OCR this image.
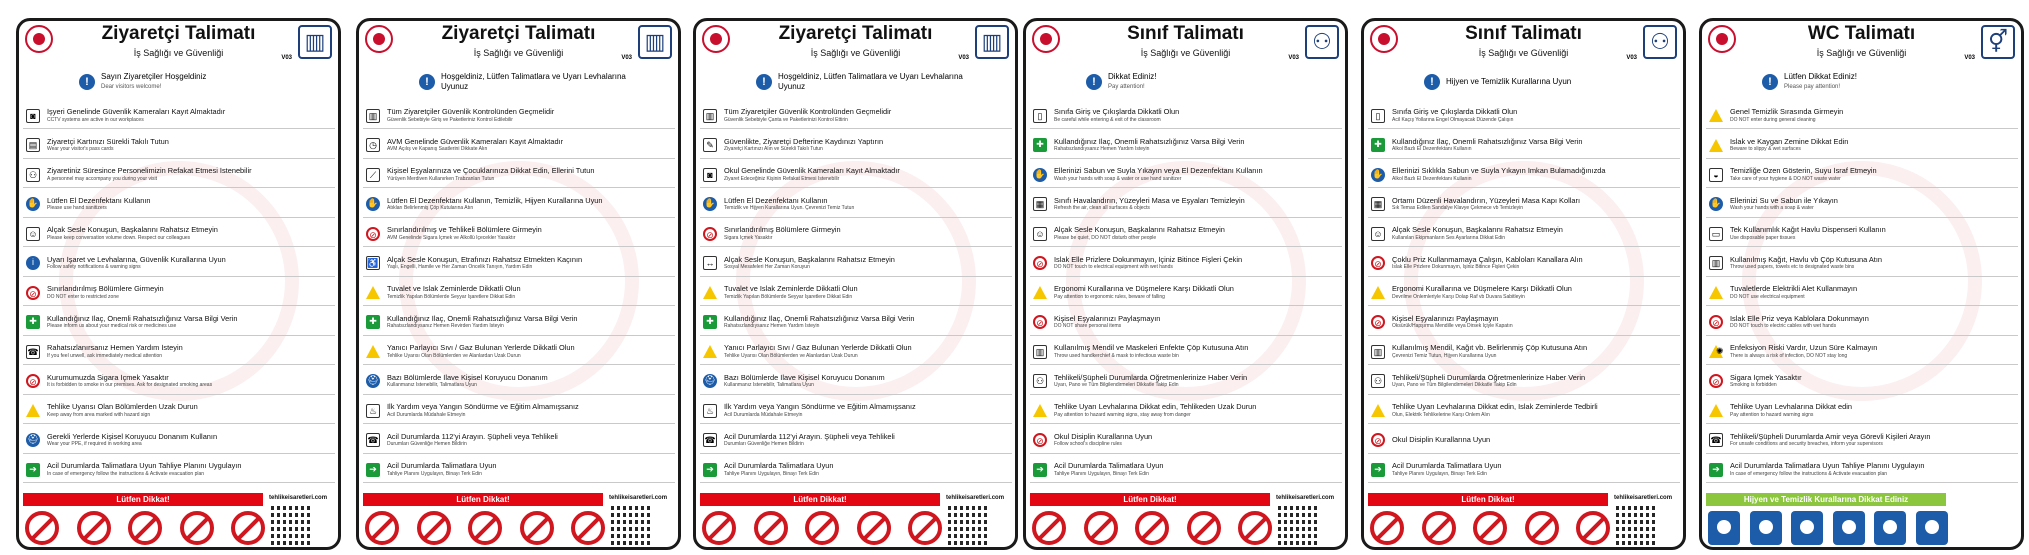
Ziyaretçi Talimatı
İş Sağlığı ve Güvenliği	V03
▥
!	Sayın Ziyaretçiler Hoşgeldiniz
Dear visitors welcome!
◙	İşyeri Genelinde Güvenlik Kameraları Kayıt Almaktadır
CCTV systems are active in our workplaces
▤	Ziyaretçi Kartınızı Sürekli Takılı Tutun
Wear your visitor's pass cards
⚇	Ziyaretiniz Süresince Personelimizin Refakat Etmesi İstenebilir
A personnel may accompany you during your visit
✋ Lütfen El Dezenfektanı Kullanın
Please use hand sanitizers
☺	Alçak Sesle Konuşun, Başkalarını Rahatsız Etmeyin
Please keep conversation volume down. Respect our colleagues
i	Uyarı İşaret ve Levhalarına, Güvenlik Kurallarına Uyun
Follow safety notifications & warning signs
⊘	Sınırlandırılmış Bölümlere Girmeyin
DO NOT enter to restricted zone
✚	Kullandığınız İlaç, Önemli Rahatsızlığınız Varsa Bilgi Verin
Please inform us about your medical risk or medicines use
☎ Rahatsızlanırsanız Hemen Yardım İsteyin
If you feel unwell, ask immediately medical attention
⊘	Kurumumuzda Sigara İçmek Yasaktır
It is forbidden to smoke in our premises. Ask for designated smoking areas
Tehlike Uyarısı Olan Bölümlerden Uzak Durun
Keep away from area marked with hazard sign
⛑ Gerekli Yerlerde Kişisel Koruyucu Donanım Kullanın
Wear your PPE, if required in working area
➔	Acil Durumlarda Talimatlara Uyun Tahliye Planını Uygulayın
In case of emergency follow the instructions & Activate evacuation plan
Lütfen Dikkat!	tehlikeisaretleri.com
Ziyaretçi Talimatı
İş Sağlığı ve Güvenliği	V03
▥
!	Hoşgeldiniz, Lütfen Talimatlara ve Uyarı Levhalarına Uyunuz
▥	Tüm Ziyaretçiler Güvenlik Kontrolünden Geçmelidir
Güvenlik Sebebiyle Giriş ve Paketleriniz Kontrol Edilebilir
◷	AVM Genelinde Güvenlik Kameraları Kayıt Almaktadır
AVM Açılış ve Kapanış Saatlerini Dikkate Alın
⟋	Kişisel Eşyalarınıza ve Çocuklarınıza Dikkat Edin, Ellerini Tutun
Yürüyen Merdiven Kullanırken Trabzanları Tutun
✋ Lütfen El Dezenfektanı Kullanın, Temizlik, Hijyen Kurallarına Uyun
Atıkları Belirlenmiş Çöp Kutularına Atın
⊘	Sınırlandırılmış ve Tehlikeli Bölümlere Girmeyin
AVM Genelinde Sigara İçmek ve Alkollü İçecekler Yasaktır
♿ Alçak Sesle Konuşun, Etrafınızı Rahatsız Etmekten Kaçının
Yaşlı, Engelli, Hamile ve Her Zaman Öncelik Tanıyın, Yardım Edin
Tuvalet ve Islak Zeminlerde Dikkatli Olun
Temizlik Yapılan Bölümlerde Seyyar İşaretlere Dikkat Edin
✚	Kullandığınız İlaç, Önemli Rahatsızlığınız Varsa Bilgi Verin
Rahatsızlandıysanız Hemen Revirden Yardım İsteyin
Yanıcı Parlayıcı Sıvı / Gaz Bulunan Yerlerde Dikkatli Olun
Tehlike Uyarısı Olan Bölümlerden ve Alanlardan Uzak Durun
⛑ Bazı Bölümlerde İlave Kişisel Koruyucu Donanım
Kullanmanız İstenebilir, Talimatlara Uyun
♨	İlk Yardım veya Yangın Söndürme ve Eğitim Almamışsanız
Acil Durumlarda Müdahale Etmeyin
☎ Acil Durumlarda 112'yi Arayın. Şüpheli veya Tehlikeli
Durumları Güvenliğe Hemen Bildirin
➔	Acil Durumlarda Talimatlara Uyun
Tahliye Planını Uygulayın, Binayı Terk Edin
Lütfen Dikkat!	tehlikeisaretleri.com
Ziyaretçi Talimatı
İş Sağlığı ve Güvenliği	V03
▥
!	Hoşgeldiniz, Lütfen Talimatlara ve Uyarı Levhalarına Uyunuz
▥	Tüm Ziyaretçiler Güvenlik Kontrolünden Geçmelidir
Güvenlik Sebebiyle Çanta ve Paketlerinizi Kontrol Ettirin
✎	Güvenlikte, Ziyaretçi Defterine Kaydınızı Yaptırın
Ziyaretçi Kartınızı Alın ve Sürekli Takılı Tutun
◙	Okul Genelinde Güvenlik Kameraları Kayıt Almaktadır
Ziyaret Edeceğiniz Kişinin Refakat Etmesi İstenebilir
✋ Lütfen El Dezenfektanı Kullanın
Temizlik ve Hijyen Kurallarına Uyun. Çevrenizi Temiz Tutun
⊘	Sınırlandırılmış Bölümlere Girmeyin
Sigara İçmek Yasaktır
↔	Alçak Sesle Konuşun, Başkalarını Rahatsız Etmeyin
Sosyal Mesafeleri Her Zaman Koruyun
Tuvalet ve Islak Zeminlerde Dikkatli Olun
Temizlik Yapılan Bölümlerde Seyyar İşaretlere Dikkat Edin
✚	Kullandığınız İlaç, Önemli Rahatsızlığınız Varsa Bilgi Verin
Rahatsızlandıysanız Hemen Yardım İsteyin
Yanıcı Parlayıcı Sıvı / Gaz Bulunan Yerlerde Dikkatli Olun
Tehlike Uyarısı Olan Bölümlerden ve Alanlardan Uzak Durun
⛑ Bazı Bölümlerde İlave Kişisel Koruyucu Donanım
Kullanmanız İstenebilir, Talimatlara Uyun
♨	İlk Yardım veya Yangın Söndürme ve Eğitim Almamışsanız
Acil Durumlarda Müdahale Etmeyin
☎ Acil Durumlarda 112'yi Arayın. Şüpheli veya Tehlikeli
Durumları Güvenliğe Hemen Bildirin
➔	Acil Durumlarda Talimatlara Uyun
Tahliye Planını Uygulayın, Binayı Terk Edin
Lütfen Dikkat!	tehlikeisaretleri.com
Sınıf Talimatı
İş Sağlığı ve Güvenliği	V03
⚇
!	Dikkat Ediniz!
Pay attention!
▯	Sınıfa Giriş ve Çıkışlarda Dikkatli Olun
Be careful while entering & exit of the classroom
✚	Kullandığınız İlaç, Önemli Rahatsızlığınız Varsa Bilgi Verin
Rahatsızlandıysanız Hemen Yardım İsteyin
✋ Ellerinizi Sabun ve Suyla Yıkayın veya El Dezenfektanı Kullanın
Wash your hands with soap & water or use hand sanitizer
▦	Sınıfı Havalandırın, Yüzeyleri Masa ve Eşyaları Temizleyin
Refresh the air, clean all surfaces & objects
☺	Alçak Sesle Konuşun, Başkalarını Rahatsız Etmeyin
Please be quiet, DO NOT disturb other people
⊘	Islak Elle Prizlere Dokunmayın, İçiniz Bitince Fişleri Çekin
DO NOT touch to electrical equipment with wet hands
Ergonomi Kurallarına ve Düşmelere Karşı Dikkatli Olun
Pay attention to ergonomic rules, beware of falling
⊘	Kişisel Eşyalarınızı Paylaşmayın
DO NOT share personal items
▥	Kullanılmış Mendil ve Maskeleri Enfekte Çöp Kutusuna Atın
Throw used handkerchief & mask to infectious waste bin
⚇	Tehlikeli/Şüpheli Durumlarda Öğretmenlerinize Haber Verin
Uyarı, Pano ve Tüm Bilgilendirmeleri Dikkatle Takip Edin
Tehlike Uyarı Levhalarına Dikkat edin, Tehlikeden Uzak Durun
Pay attention to hazard warning signs, stay away from danger
⊘	Okul Disiplin Kurallarına Uyun
Follow school's discipline rules
➔	Acil Durumlarda Talimatlara Uyun
Tahliye Planını Uygulayın, Binayı Terk Edin
Lütfen Dikkat!	tehlikeisaretleri.com
Sınıf Talimatı
İş Sağlığı ve Güvenliği	V03
⚇
!	Hijyen ve Temizlik Kurallarına Uyun
▯	Sınıfa Giriş ve Çıkışlarda Dikkatli Olun
Acil Kaçış Yollarına Engel Olmayacak Düzende Çalışın
✚	Kullandığınız İlaç, Önemli Rahatsızlığınız Varsa Bilgi Verin
Alkol Bazlı El Dezenfektanı Kullanın
✋ Ellerinizi Sıklıkla Sabun ve Suyla Yıkayın İmkan Bulamadığınızda
Alkol Bazlı El Dezenfektanı Kullanın
▦	Ortamı Düzenli Havalandırın, Yüzeyleri Masa Kapı Kolları
Sık Temas Edilen Sandalye Klavye Çekmece vb Temizleyin
☺	Alçak Sesle Konuşun, Başkalarını Rahatsız Etmeyin
Kullanılan Ekipmanların Ses Ayarlarına Dikkat Edin
⊘	Çoklu Priz Kullanmamaya Çalışın, Kabloları Kanallara Alın
Islak Elle Prizlere Dokunmayın, İşiniz Bitince Fişleri Çekin
Ergonomi Kurallarına ve Düşmelere Karşı Dikkatli Olun
Devrilme Önlemleriyle Karşı Dolap Raf vb Duvara Sabitleyin
⊘	Kişisel Eşyalarınızı Paylaşmayın
Öksürük/Hapşırma Mendille veya Dirsek İçiyle Kapatın
▥	Kullanılmış Mendil, Kağıt vb. Belirlenmiş Çöp Kutusuna Atın
Çevrenizi Temiz Tutun, Hijyen Kurallarına Uyun
⚇	Tehlikeli/Şüpheli Durumlarda Öğretmenlerinize Haber Verin
Uyarı, Pano ve Tüm Bilgilendirmeleri Dikkatle Takip Edin
Tehlike Uyarı Levhalarına Dikkat edin, Islak Zeminlerde Tedbirli
Olun, Elektrik Tehlikelerine Karşı Önlem Alın
⊘	Okul Disiplin Kurallarına Uyun
➔	Acil Durumlarda Talimatlara Uyun
Tahliye Planını Uygulayın, Binayı Terk Edin
Lütfen Dikkat!	tehlikeisaretleri.com
WC Talimatı
İş Sağlığı ve Güvenliği	V03
⚥
!	Lütfen Dikkat Ediniz!
Please pay attention!
Genel Temizlik Sırasında Girmeyin
DO NOT enter during general cleaning
Islak ve Kaygan Zemine Dikkat Edin
Beware to slippy & wet surfaces
◒	Temizliğe Özen Gösterin, Suyu İsraf Etmeyin
Take care of your hygiene & DO NOT waste water
✋ Ellerinizi Su ve Sabun ile Yıkayın
Wash your hands with a soap & water
▭	Tek Kullanımlık Kağıt Havlu Dispenseri Kullanın
Use disposable paper tissues
▥	Kullanılmış Kağıt, Havlu vb Çöp Kutusuna Atın
Throw used papers, towels etc to designated waste bins
Tuvaletlerde Elektrikli Alet Kullanmayın
DO NOT use electrical equipment
⊘	Islak Elle Priz veya Kablolara Dokunmayın
DO NOT touch to electric cables with wet hands
✺ Enfeksiyon Riski Vardır, Uzun Süre Kalmayın
There is always a risk of infection, DO NOT stay long
⊘	Sigara İçmek Yasaktır
Smoking is forbidden
Tehlike Uyarı Levhalarına Dikkat edin
Pay attention to hazard warning signs
☎ Tehlikeli/Şüpheli Durumlarda Amir veya Görevli Kişileri Arayın
For unsafe conditions and security breaches, inform your supervisors
➔	Acil Durumlarda Talimatlara Uyun Tahliye Planını Uygulayın
In case of emergency follow the instructions & Activate evacuation plan
Hijyen ve Temizlik Kurallarına Dikkat Ediniz
